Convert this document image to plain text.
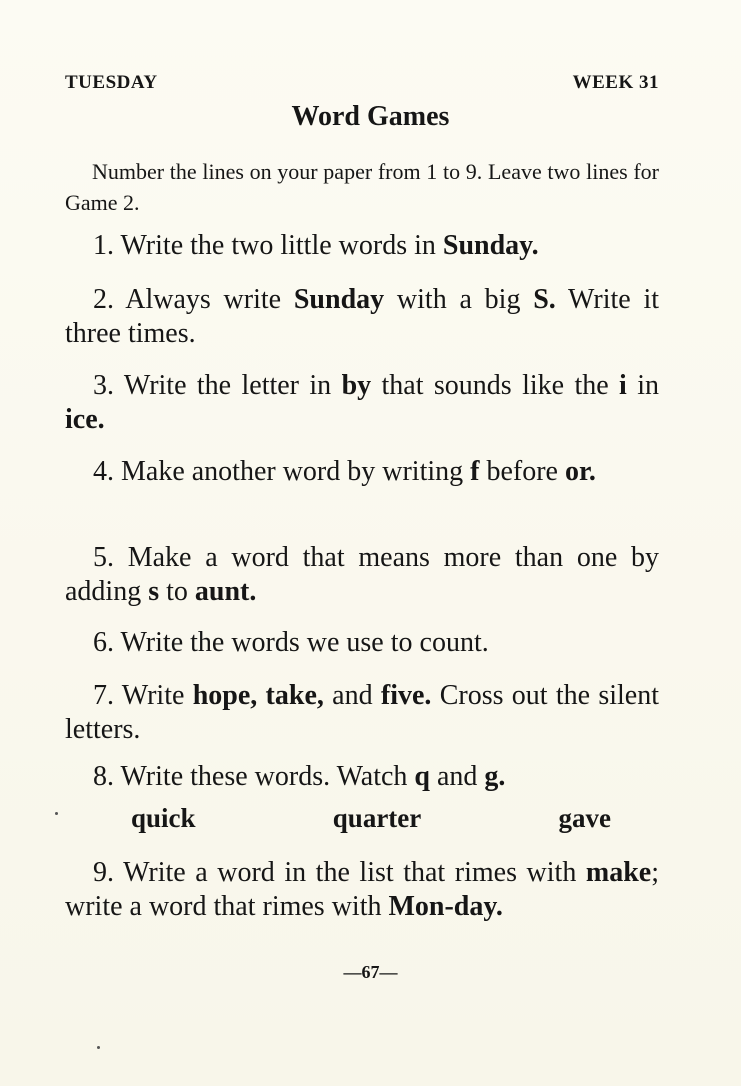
TUESDAY	WEEK 31
Word Games

Number the lines on your paper from 1 to 9. Leave two lines for Game 2.

1. Write the two little words in Sunday.
2. Always write Sunday with a big S. Write it three times.
3. Write the letter in by that sounds like the i in ice.
4. Make another word by writing f before or.
5. Make a word that means more than one by adding s to aunt.
6. Write the words we use to count.
7. Write hope, take, and five. Cross out the silent letters.
8. Write these words. Watch q and g.
quick	quarter	gave
9. Write a word in the list that rimes with make; write a word that rimes with Mon-day.
—67—
